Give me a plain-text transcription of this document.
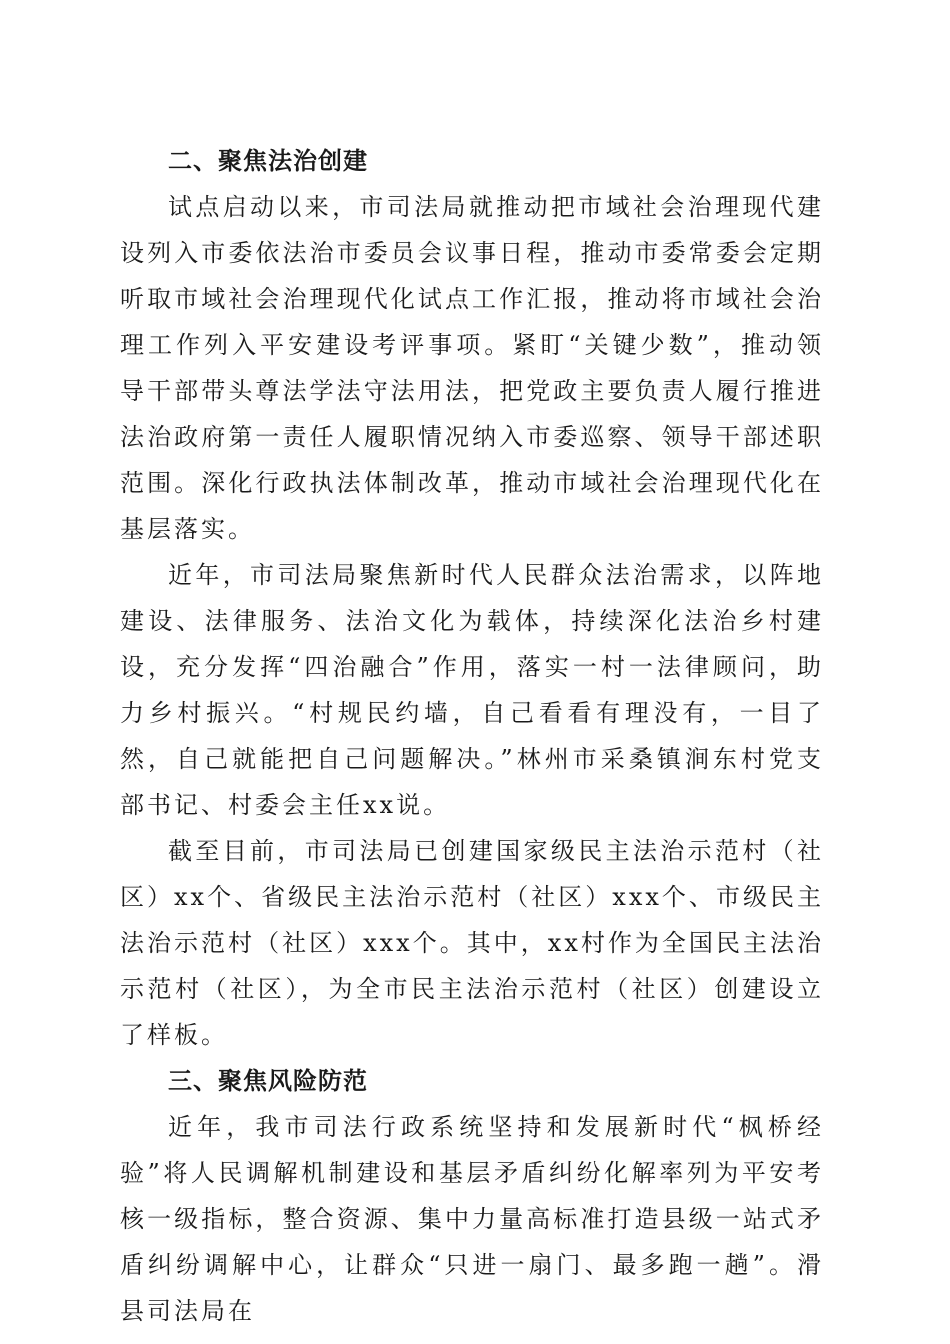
二、聚焦法治创建

试点启动以来，市司法局就推动把市域社会治理现代建设列入市委依法治市委员会议事日程，推动市委常委会定期听取市域社会治理现代化试点工作汇报，推动将市域社会治理工作列入平安建设考评事项。紧盯“关键少数”，推动领导干部带头尊法学法守法用法，把党政主要负责人履行推进法治政府第一责任人履职情况纳入市委巡察、领导干部述职范围。深化行政执法体制改革，推动市域社会治理现代化在基层落实。

近年，市司法局聚焦新时代人民群众法治需求，以阵地建设、法律服务、法治文化为载体，持续深化法治乡村建设，充分发挥“四治融合”作用，落实一村一法律顾问，助力乡村振兴。“村规民约墙，自己看看有理没有，一目了然，自己就能把自己问题解决。”林州市采桑镇涧东村党支部书记、村委会主任xx说。

截至目前，市司法局已创建国家级民主法治示范村（社区）xx个、省级民主法治示范村（社区）xxx个、市级民主法治示范村（社区）xxx个。其中，xx村作为全国民主法治示范村（社区），为全市民主法治示范村（社区）创建设立了样板。

三、聚焦风险防范

近年，我市司法行政系统坚持和发展新时代“枫桥经验”将人民调解机制建设和基层矛盾纠纷化解率列为平安考核一级指标，整合资源、集中力量高标准打造县级一站式矛盾纠纷调解中心，让群众“只进一扇门、最多跑一趟”。滑县司法局在
